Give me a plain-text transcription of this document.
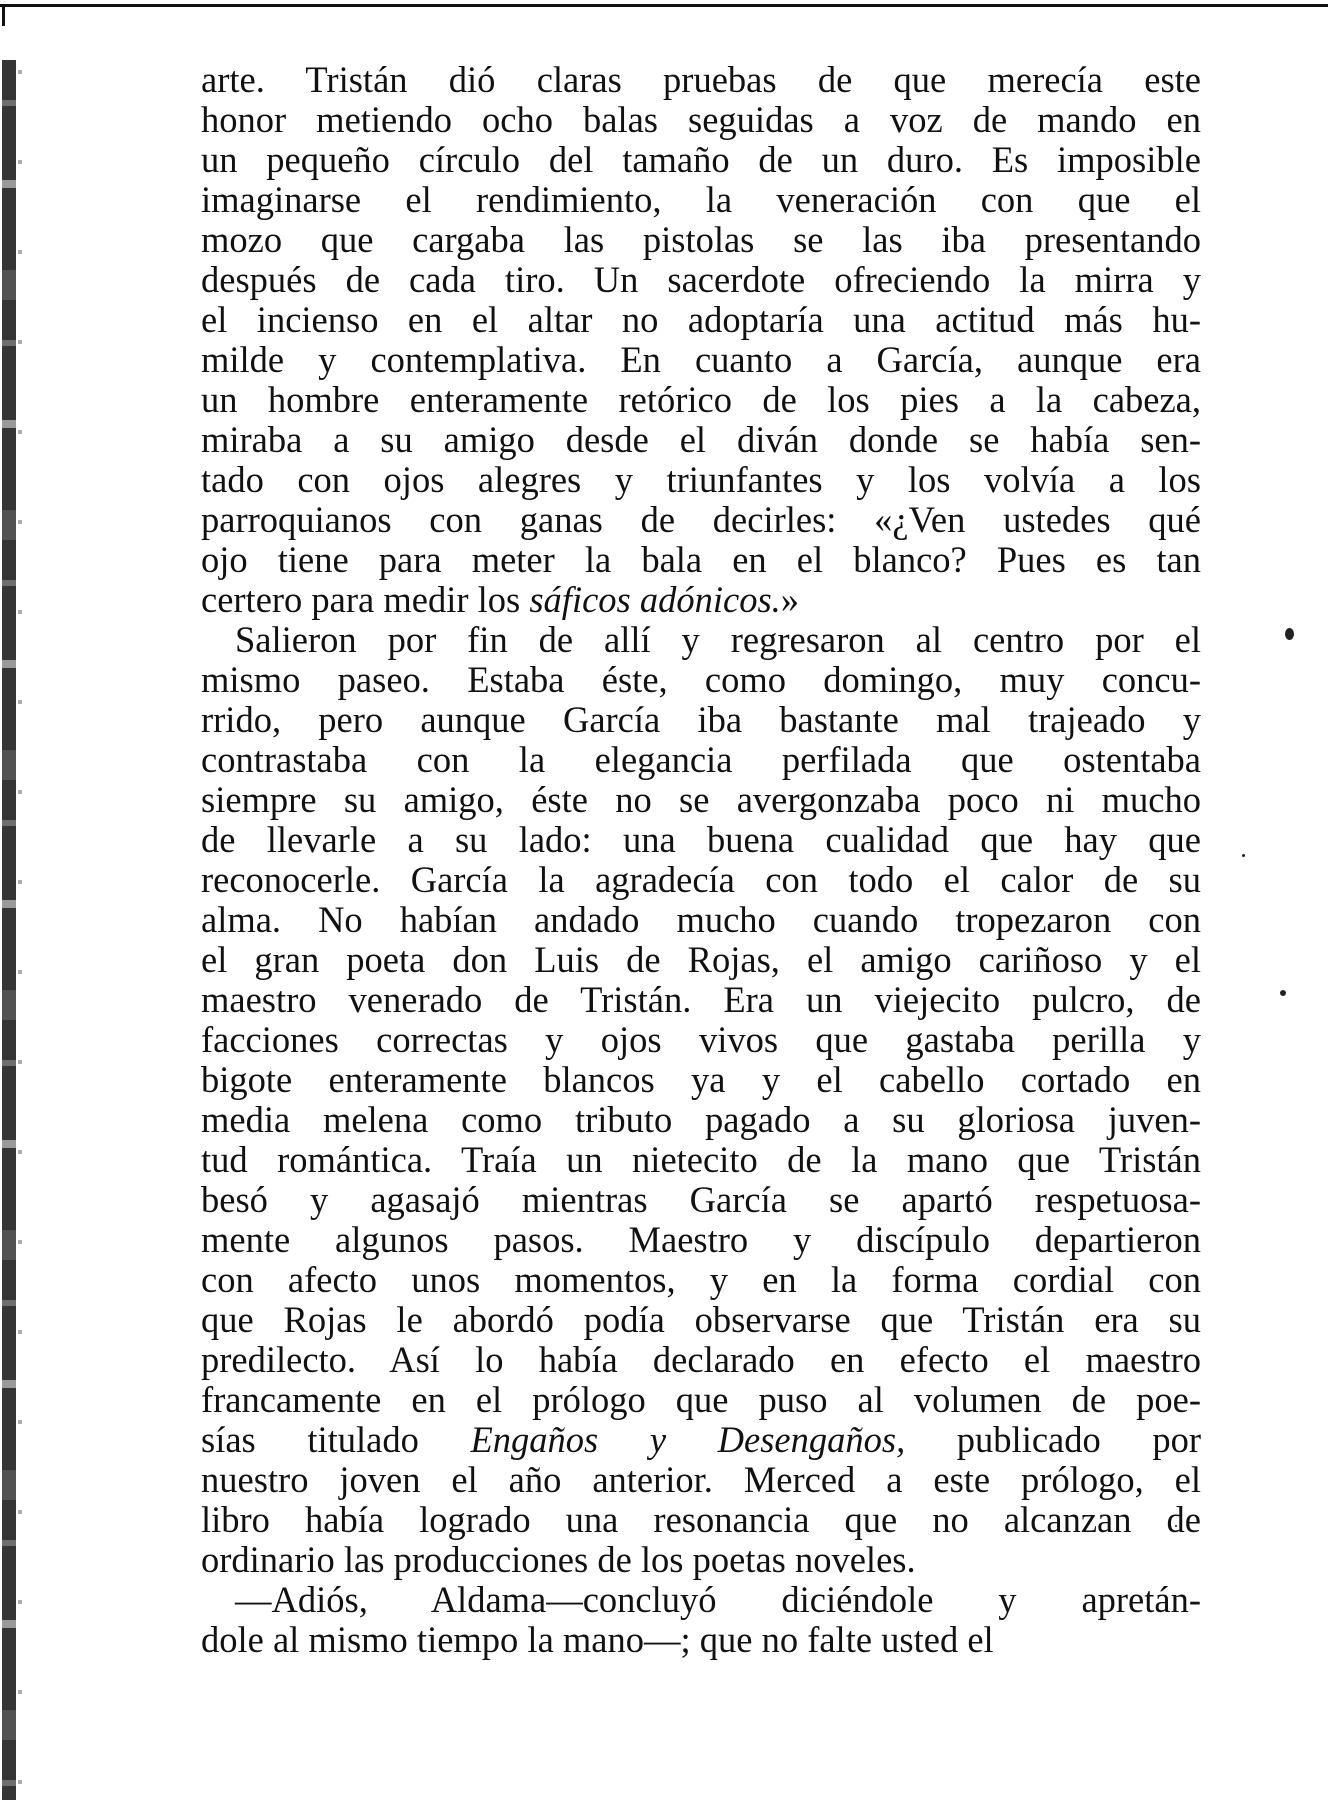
arte. Tristán dió claras pruebas de que merecía este
honor metiendo ocho balas seguidas a voz de mando en
un pequeño círculo del tamaño de un duro. Es imposible
imaginarse el rendimiento, la veneración con que el
mozo que cargaba las pistolas se las iba presentando
después de cada tiro. Un sacerdote ofreciendo la mirra y
el incienso en el altar no adoptaría una actitud más hu-
milde y contemplativa. En cuanto a García, aunque era
un hombre enteramente retórico de los pies a la cabeza,
miraba a su amigo desde el diván donde se había sen-
tado con ojos alegres y triunfantes y los volvía a los
parroquianos con ganas de decirles: «¿Ven ustedes qué
ojo tiene para meter la bala en el blanco? Pues es tan
certero para medir los sáficos adónicos.»
Salieron por fin de allí y regresaron al centro por el
mismo paseo. Estaba éste, como domingo, muy concu-
rrido, pero aunque García iba bastante mal trajeado y
contrastaba con la elegancia perfilada que ostentaba
siempre su amigo, éste no se avergonzaba poco ni mucho
de llevarle a su lado: una buena cualidad que hay que
reconocerle. García la agradecía con todo el calor de su
alma. No habían andado mucho cuando tropezaron con
el gran poeta don Luis de Rojas, el amigo cariñoso y el
maestro venerado de Tristán. Era un viejecito pulcro, de
facciones correctas y ojos vivos que gastaba perilla y
bigote enteramente blancos ya y el cabello cortado en
media melena como tributo pagado a su gloriosa juven-
tud romántica. Traía un nietecito de la mano que Tristán
besó y agasajó mientras García se apartó respetuosa-
mente algunos pasos. Maestro y discípulo departieron
con afecto unos momentos, y en la forma cordial con
que Rojas le abordó podía observarse que Tristán era su
predilecto. Así lo había declarado en efecto el maestro
francamente en el prólogo que puso al volumen de poe-
sías titulado Engaños y Desengaños, publicado por
nuestro joven el año anterior. Merced a este prólogo, el
libro había logrado una resonancia que no alcanzan de
ordinario las producciones de los poetas noveles.
—Adiós, Aldama—concluyó diciéndole y apretán-
dole al mismo tiempo la mano—; que no falte usted el
